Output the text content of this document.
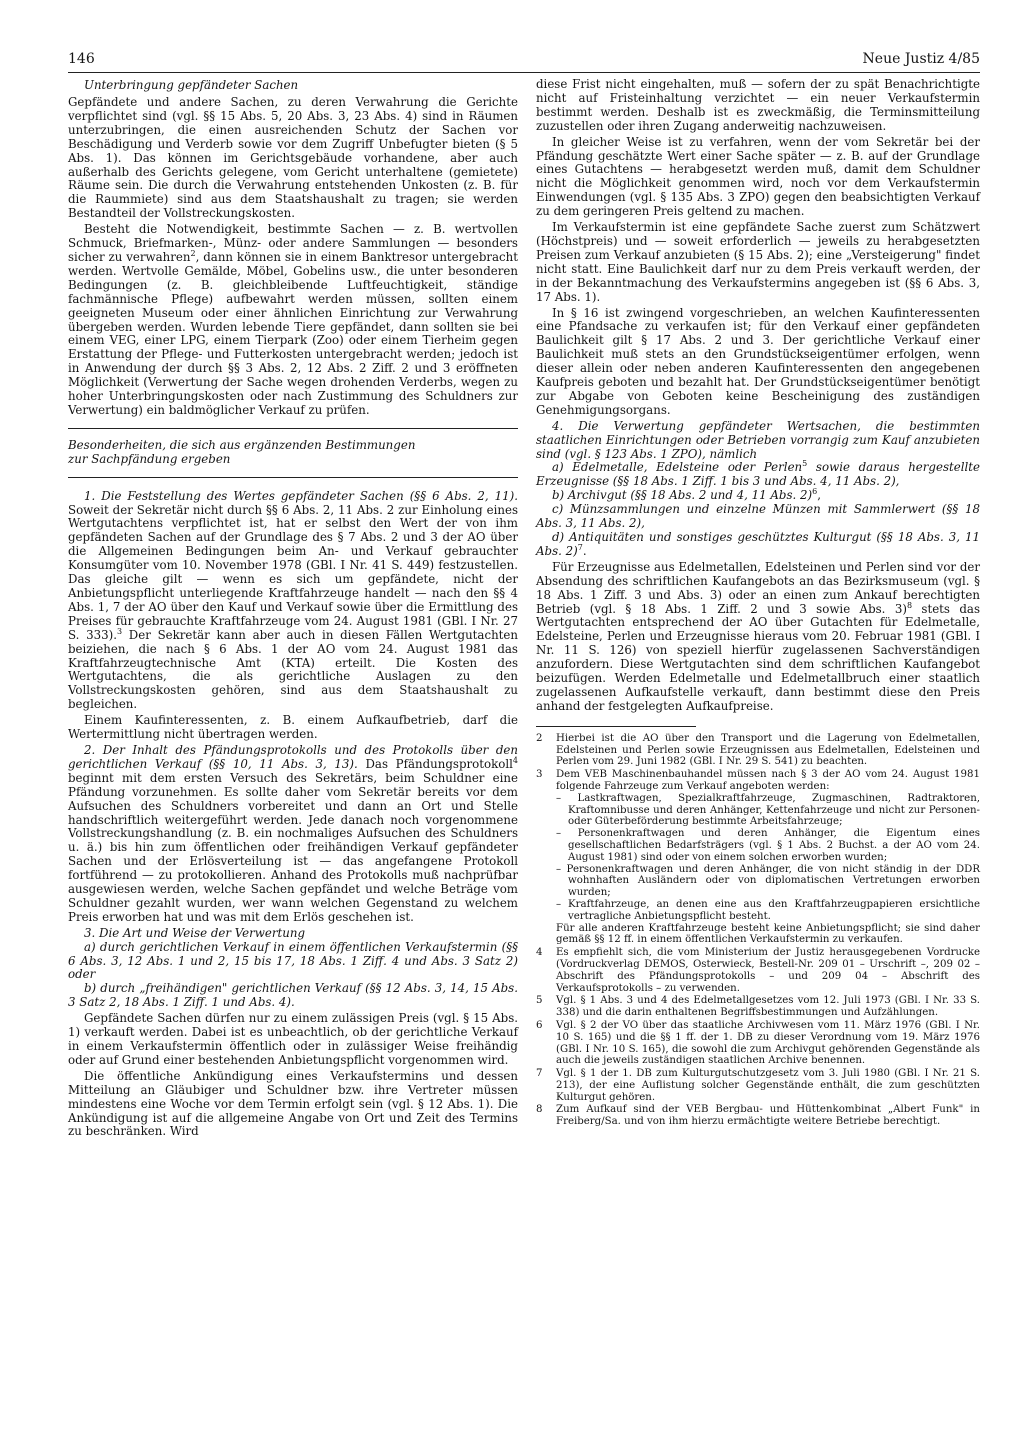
146	Neue Justiz 4/85
Unterbringung gepfändeter Sachen

Gepfändete und andere Sachen, zu deren Verwahrung die Gerichte verpflichtet sind (vgl. §§ 15 Abs. 5, 20 Abs. 3, 23 Abs. 4) sind in Räumen unterzubringen, die einen ausreichenden Schutz der Sachen vor Beschädigung und Verderb sowie vor dem Zugriff Unbefugter bieten (§ 5 Abs. 1). Das können im Gerichtsgebäude vorhandene, aber auch außerhalb des Gerichts gelegene, vom Gericht unterhaltene (gemietete) Räume sein. Die durch die Verwahrung entstehenden Unkosten (z. B. für die Raummiete) sind aus dem Staatshaushalt zu tragen; sie werden Bestandteil der Vollstreckungskosten.

Besteht die Notwendigkeit, bestimmte Sachen — z. B. wertvollen Schmuck, Briefmarken-, Münz- oder andere Sammlungen — besonders sicher zu verwahren$^2$, dann können sie in einem Banktresor untergebracht werden. Wertvolle Gemälde, Möbel, Gobelins usw., die unter besonderen Bedingungen (z. B. gleichbleibende Luftfeuchtigkeit, ständige fachmännische Pflege) aufbewahrt werden müssen, sollten einem geeigneten Museum oder einer ähnlichen Einrichtung zur Verwahrung übergeben werden. Wurden lebende Tiere gepfändet, dann sollten sie bei einem VEG, einer LPG, einem Tierpark (Zoo) oder einem Tierheim gegen Erstattung der Pflege- und Futterkosten untergebracht werden; jedoch ist in Anwendung der durch §§ 3 Abs. 2, 12 Abs. 2 Ziff. 2 und 3 eröffneten Möglichkeit (Verwertung der Sache wegen drohenden Verderbs, wegen zu hoher Unterbringungskosten oder nach Zustimmung des Schuldners zur Verwertung) ein baldmöglicher Verkauf zu prüfen.

Besonderheiten, die sich aus ergänzenden Bestimmungen
zur Sachpfändung ergeben

1. Die Feststellung des Wertes gepfändeter Sachen (§§ 6 Abs. 2, 11). Soweit der Sekretär nicht durch §§ 6 Abs. 2, 11 Abs. 2 zur Einholung eines Wertgutachtens verpflichtet ist, hat er selbst den Wert der von ihm gepfändeten Sachen auf der Grundlage des § 7 Abs. 2 und 3 der AO über die Allgemeinen Bedingungen beim An- und Verkauf gebrauchter Konsumgüter vom 10. November 1978 (GBl. I Nr. 41 S. 449) festzustellen. Das gleiche gilt — wenn es sich um gepfändete, nicht der Anbietungspflicht unterliegende Kraftfahrzeuge handelt — nach den §§ 4 Abs. 1, 7 der AO über den Kauf und Verkauf sowie über die Ermittlung des Preises für gebrauchte Kraftfahrzeuge vom 24. August 1981 (GBl. I Nr. 27 S. 333).$^3$ Der Sekretär kann aber auch in diesen Fällen Wertgutachten beiziehen, die nach § 6 Abs. 1 der AO vom 24. August 1981 das Kraftfahrzeugtechnische Amt (KTA) erteilt. Die Kosten des Wertgutachtens, die als gerichtliche Auslagen zu den Vollstreckungskosten gehören, sind aus dem Staatshaushalt zu begleichen.

Einem Kaufinteressenten, z. B. einem Aufkaufbetrieb, darf die Wertermittlung nicht übertragen werden.

2. Der Inhalt des Pfändungsprotokolls und des Protokolls über den gerichtlichen Verkauf (§§ 10, 11 Abs. 3, 13). Das Pfändungsprotokoll$^4$ beginnt mit dem ersten Versuch des Sekretärs, beim Schuldner eine Pfändung vorzunehmen. Es sollte daher vom Sekretär bereits vor dem Aufsuchen des Schuldners vorbereitet und dann an Ort und Stelle handschriftlich weitergeführt werden. Jede danach noch vorgenommene Vollstreckungshandlung (z. B. ein nochmaliges Aufsuchen des Schuldners u. ä.) bis hin zum öffentlichen oder freihändigen Verkauf gepfändeter Sachen und der Erlösverteilung ist — das angefangene Protokoll fortführend — zu protokollieren. Anhand des Protokolls muß nachprüfbar ausgewiesen werden, welche Sachen gepfändet und welche Beträge vom Schuldner gezahlt wurden, wer wann welchen Gegenstand zu welchem Preis erworben hat und was mit dem Erlös geschehen ist.

3. Die Art und Weise der Verwertung

a) durch gerichtlichen Verkauf in einem öffentlichen Verkaufstermin (§§ 6 Abs. 3, 12 Abs. 1 und 2, 15 bis 17, 18 Abs. 1 Ziff. 4 und Abs. 3 Satz 2) oder

b) durch „freihändigen" gerichtlichen Verkauf (§§ 12 Abs. 3, 14, 15 Abs. 3 Satz 2, 18 Abs. 1 Ziff. 1 und Abs. 4).

Gepfändete Sachen dürfen nur zu einem zulässigen Preis (vgl. § 15 Abs. 1) verkauft werden. Dabei ist es unbeachtlich, ob der gerichtliche Verkauf in einem Verkaufstermin öffentlich oder in zulässiger Weise freihändig oder auf Grund einer bestehenden Anbietungspflicht vorgenommen wird.

Die öffentliche Ankündigung eines Verkaufstermins und dessen Mitteilung an Gläubiger und Schuldner bzw. ihre Vertreter müssen mindestens eine Woche vor dem Termin erfolgt sein (vgl. § 12 Abs. 1). Die Ankündigung ist auf die allgemeine Angabe von Ort und Zeit des Termins zu beschränken. Wird

diese Frist nicht eingehalten, muß — sofern der zu spät Benachrichtigte nicht auf Fristeinhaltung verzichtet — ein neuer Verkaufstermin bestimmt werden. Deshalb ist es zweckmäßig, die Terminsmitteilung zuzustellen oder ihren Zugang anderweitig nachzuweisen.

In gleicher Weise ist zu verfahren, wenn der vom Sekretär bei der Pfändung geschätzte Wert einer Sache später — z. B. auf der Grundlage eines Gutachtens — herabgesetzt werden muß, damit dem Schuldner nicht die Möglichkeit genommen wird, noch vor dem Verkaufstermin Einwendungen (vgl. § 135 Abs. 3 ZPO) gegen den beabsichtigten Verkauf zu dem geringeren Preis geltend zu machen.

Im Verkaufstermin ist eine gepfändete Sache zuerst zum Schätzwert (Höchstpreis) und — soweit erforderlich — jeweils zu herabgesetzten Preisen zum Verkauf anzubieten (§ 15 Abs. 2); eine „Versteigerung" findet nicht statt. Eine Baulichkeit darf nur zu dem Preis verkauft werden, der in der Bekanntmachung des Verkaufstermins angegeben ist (§§ 6 Abs. 3, 17 Abs. 1).

In § 16 ist zwingend vorgeschrieben, an welchen Kaufinteressenten eine Pfandsache zu verkaufen ist; für den Verkauf einer gepfändeten Baulichkeit gilt § 17 Abs. 2 und 3. Der gerichtliche Verkauf einer Baulichkeit muß stets an den Grundstückseigentümer erfolgen, wenn dieser allein oder neben anderen Kaufinteressenten den angegebenen Kaufpreis geboten und bezahlt hat. Der Grundstückseigentümer benötigt zur Abgabe von Geboten keine Bescheinigung des zuständigen Genehmigungsorgans.

4. Die Verwertung gepfändeter Wertsachen, die bestimmten staatlichen Einrichtungen oder Betrieben vorrangig zum Kauf anzubieten sind (vgl. § 123 Abs. 1 ZPO), nämlich

a) Edelmetalle, Edelsteine oder Perlen$^5$ sowie daraus hergestellte Erzeugnisse (§§ 18 Abs. 1 Ziff. 1 bis 3 und Abs. 4, 11 Abs. 2),

b) Archivgut (§§ 18 Abs. 2 und 4, 11 Abs. 2)$^6$,

c) Münzsammlungen und einzelne Münzen mit Sammlerwert (§§ 18 Abs. 3, 11 Abs. 2),

d) Antiquitäten und sonstiges geschütztes Kulturgut (§§ 18 Abs. 3, 11 Abs. 2)$^7$.

Für Erzeugnisse aus Edelmetallen, Edelsteinen und Perlen sind vor der Absendung des schriftlichen Kaufangebots an das Bezirksmuseum (vgl. § 18 Abs. 1 Ziff. 3 und Abs. 3) oder an einen zum Ankauf berechtigten Betrieb (vgl. § 18 Abs. 1 Ziff. 2 und 3 sowie Abs. 3)$^8$ stets das Wertgutachten entsprechend der AO über Gutachten für Edelmetalle, Edelsteine, Perlen und Erzeugnisse hieraus vom 20. Februar 1981 (GBl. I Nr. 11 S. 126) von speziell hierfür zugelassenen Sachverständigen anzufordern. Diese Wertgutachten sind dem schriftlichen Kaufangebot beizufügen. Werden Edelmetalle und Edelmetallbruch einer staatlich zugelassenen Aufkaufstelle verkauft, dann bestimmt diese den Preis anhand der festgelegten Aufkaufpreise.

2 Hierbei ist die AO über den Transport und die Lagerung von Edelmetallen, Edelsteinen und Perlen sowie Erzeugnissen aus Edelmetallen, Edelsteinen und Perlen vom 29. Juni 1982 (GBl. I Nr. 29 S. 541) zu beachten.
3 Dem VEB Maschinenbauhandel müssen nach § 3 der AO vom 24. August 1981 folgende Fahrzeuge zum Verkauf angeboten werden:
– Lastkraftwagen, Spezialkraftfahrzeuge, Zugmaschinen, Radtraktoren, Kraftomnibusse und deren Anhänger, Kettenfahrzeuge und nicht zur Personen- oder Güterbeförderung bestimmte Arbeitsfahrzeuge;
– Personenkraftwagen und deren Anhänger, die Eigentum eines gesellschaftlichen Bedarfsträgers (vgl. § 1 Abs. 2 Buchst. a der AO vom 24. August 1981) sind oder von einem solchen erworben wurden;
– Personenkraftwagen und deren Anhänger, die von nicht ständig in der DDR wohnhaften Ausländern oder von diplomatischen Vertretungen erworben wurden;
– Kraftfahrzeuge, an denen eine aus den Kraftfahrzeugpapieren ersichtliche vertragliche Anbietungspflicht besteht.
Für alle anderen Kraftfahrzeuge besteht keine Anbietungspflicht; sie sind daher gemäß §§ 12 ff. in einem öffentlichen Verkaufstermin zu verkaufen.
4 Es empfiehlt sich, die vom Ministerium der Justiz herausgegebenen Vordrucke (Vordruckverlag DEMOS, Osterwieck, Bestell-Nr. 209 01 – Urschrift –, 209 02 – Abschrift des Pfändungsprotokolls – und 209 04 – Abschrift des Verkaufsprotokolls – zu verwenden.
5 Vgl. § 1 Abs. 3 und 4 des Edelmetallgesetzes vom 12. Juli 1973 (GBl. I Nr. 33 S. 338) und die darin enthaltenen Begriffsbestimmungen und Aufzählungen.
6 Vgl. § 2 der VO über das staatliche Archivwesen vom 11. März 1976 (GBl. I Nr. 10 S. 165) und die §§ 1 ff. der 1. DB zu dieser Verordnung vom 19. März 1976 (GBl. I Nr. 10 S. 165), die sowohl die zum Archivgut gehörenden Gegenstände als auch die jeweils zuständigen staatlichen Archive benennen.
7 Vgl. § 1 der 1. DB zum Kulturgutschutzgesetz vom 3. Juli 1980 (GBl. I Nr. 21 S. 213), der eine Auflistung solcher Gegenstände enthält, die zum geschützten Kulturgut gehören.
8 Zum Aufkauf sind der VEB Bergbau- und Hüttenkombinat „Albert Funk" in Freiberg/Sa. und von ihm hierzu ermächtigte weitere Betriebe berechtigt.
